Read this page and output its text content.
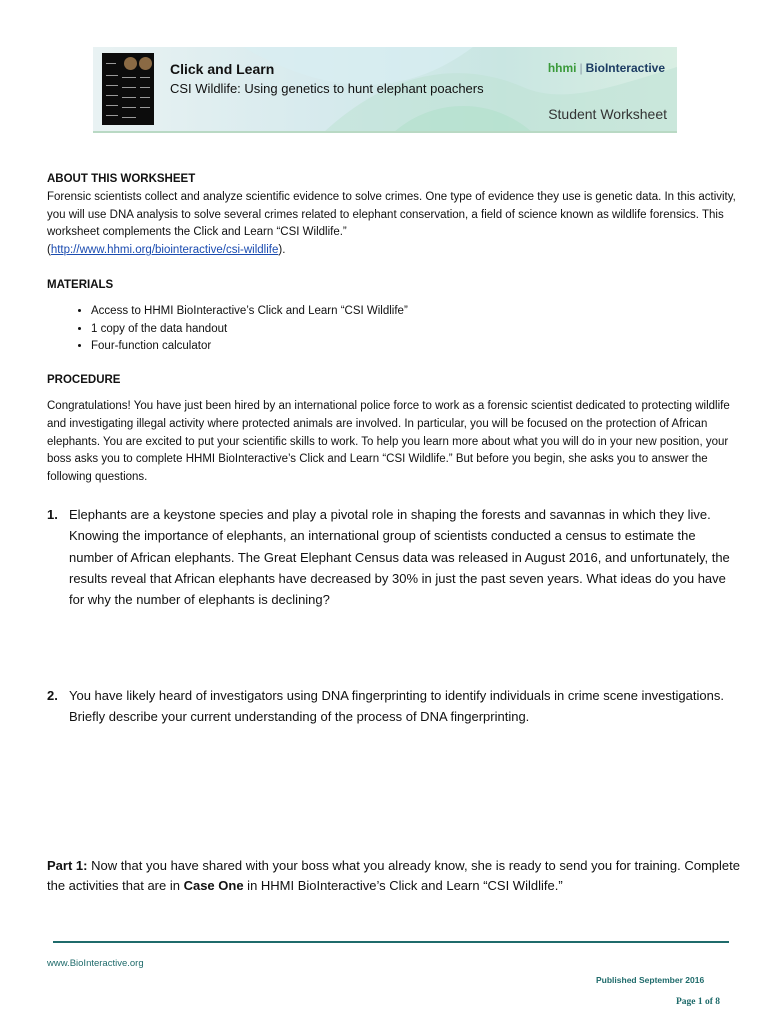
Click and Learn
CSI Wildlife: Using genetics to hunt elephant poachers
hhmi | BioInteractive
Student Worksheet

ABOUT THIS WORKSHEET

Forensic scientists collect and analyze scientific evidence to solve crimes. One type of evidence they use is genetic data. In this activity, you will use DNA analysis to solve several crimes related to elephant conservation, a field of science known as wildlife forensics. This worksheet complements the Click and Learn “CSI Wildlife.”
(http://www.hhmi.org/biointeractive/csi-wildlife).

MATERIALS

• Access to HHMI BioInteractive’s Click and Learn “CSI Wildlife”
• 1 copy of the data handout
• Four-function calculator

PROCEDURE

Congratulations! You have just been hired by an international police force to work as a forensic scientist dedicated to protecting wildlife and investigating illegal activity where protected animals are involved. In particular, you will be focused on the protection of African elephants. You are excited to put your scientific skills to work. To help you learn more about what you will do in your new position, your boss asks you to complete HHMI BioInteractive’s Click and Learn “CSI Wildlife.” But before you begin, she asks you to answer the following questions.

1. Elephants are a keystone species and play a pivotal role in shaping the forests and savannas in which they live. Knowing the importance of elephants, an international group of scientists conducted a census to estimate the number of African elephants. The Great Elephant Census data was released in August 2016, and unfortunately, the results reveal that African elephants have decreased by 30% in just the past seven years. What ideas do you have for why the number of elephants is declining?
2. You have likely heard of investigators using DNA fingerprinting to identify individuals in crime scene investigations. Briefly describe your current understanding of the process of DNA fingerprinting.
Part 1: Now that you have shared with your boss what you already know, she is ready to send you for training. Complete the activities that are in Case One in HHMI BioInteractive’s Click and Learn “CSI Wildlife.”
www.BioInteractive.org
Published September 2016
Page 1 of 8
